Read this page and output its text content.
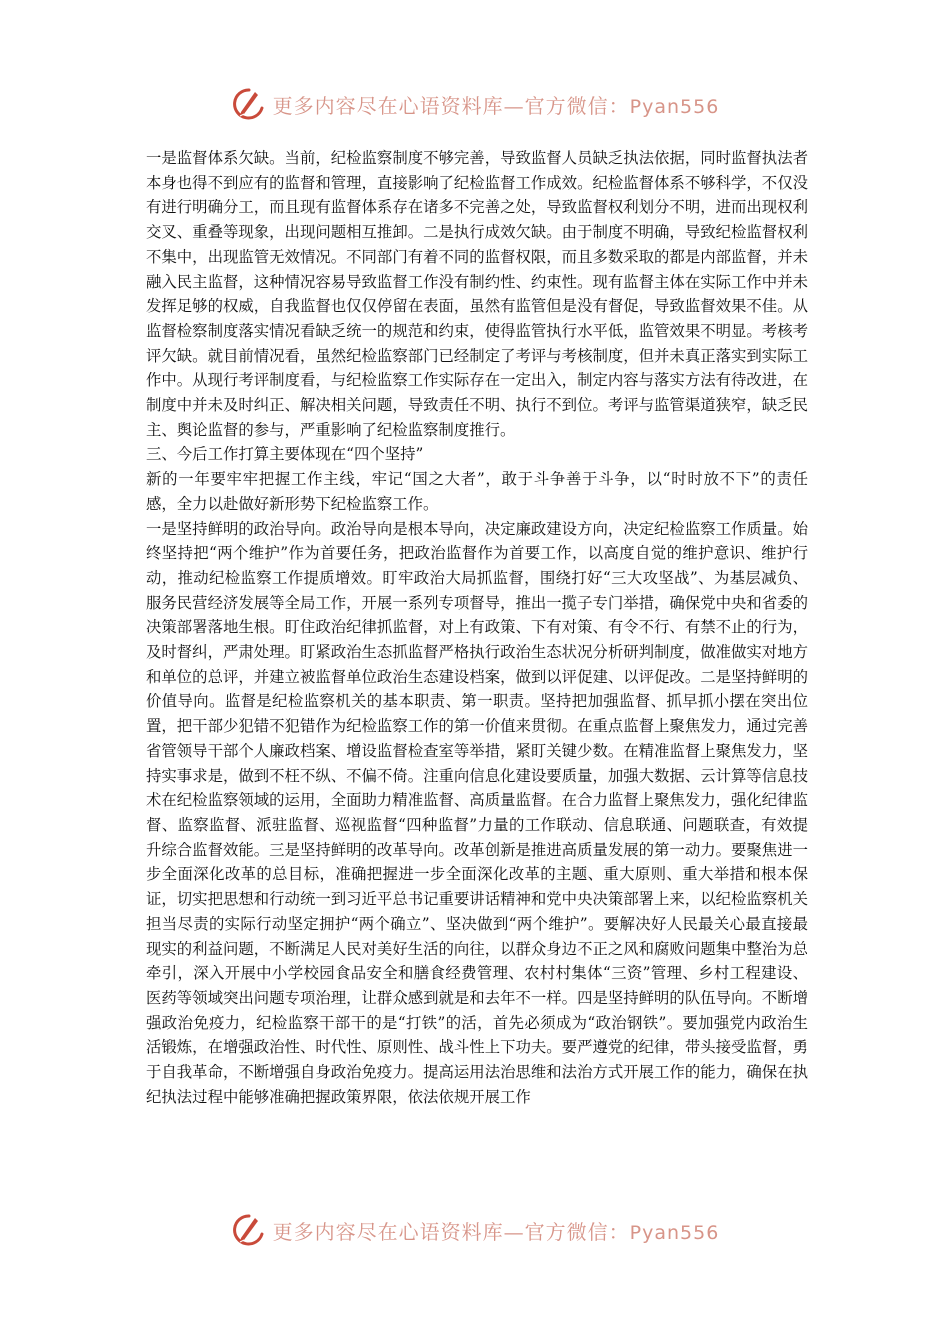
更多内容尽在心语资料库—官方微信：Pyan556

一是监督体系欠缺。当前，纪检监察制度不够完善，导致监督人员缺乏执法依据，同时监督执法者本身也得不到应有的监督和管理，直接影响了纪检监督工作成效。纪检监督体系不够科学，不仅没有进行明确分工，而且现有监督体系存在诸多不完善之处，导致监督权利划分不明，进而出现权利交叉、重叠等现象，出现问题相互推卸。二是执行成效欠缺。由于制度不明确，导致纪检监督权利不集中，出现监管无效情况。不同部门有着不同的监督权限，而且多数采取的都是内部监督，并未融入民主监督，这种情况容易导致监督工作没有制约性、约束性。现有监督主体在实际工作中并未发挥足够的权威，自我监督也仅仅停留在表面，虽然有监管但是没有督促，导致监督效果不佳。从监督检察制度落实情况看缺乏统一的规范和约束，使得监管执行水平低，监管效果不明显。考核考评欠缺。就目前情况看，虽然纪检监察部门已经制定了考评与考核制度，但并未真正落实到实际工作中。从现行考评制度看，与纪检监察工作实际存在一定出入，制定内容与落实方法有待改进，在制度中并未及时纠正、解决相关问题，导致责任不明、执行不到位。考评与监管渠道狭窄，缺乏民主、舆论监督的参与，严重影响了纪检监察制度推行。

三、今后工作打算主要体现在“四个坚持”

新的一年要牢牢把握工作主线，牢记“国之大者”，敢于斗争善于斗争，以“时时放不下”的责任感，全力以赴做好新形势下纪检监察工作。

一是坚持鲜明的政治导向。政治导向是根本导向，决定廉政建设方向，决定纪检监察工作质量。始终坚持把“两个维护”作为首要任务，把政治监督作为首要工作，以高度自觉的维护意识、维护行动，推动纪检监察工作提质增效。盯牢政治大局抓监督，围绕打好“三大攻坚战”、为基层减负、服务民营经济发展等全局工作，开展一系列专项督导，推出一揽子专门举措，确保党中央和省委的决策部署落地生根。盯住政治纪律抓监督，对上有政策、下有对策、有令不行、有禁不止的行为，及时督纠，严肃处理。盯紧政治生态抓监督严格执行政治生态状况分析研判制度，做准做实对地方和单位的总评，并建立被监督单位政治生态建设档案，做到以评促建、以评促改。二是坚持鲜明的价值导向。监督是纪检监察机关的基本职责、第一职责。坚持把加强监督、抓早抓小摆在突出位置，把干部少犯错不犯错作为纪检监察工作的第一价值来贯彻。在重点监督上聚焦发力，通过完善省管领导干部个人廉政档案、增设监督检查室等举措，紧盯关键少数。在精准监督上聚焦发力，坚持实事求是，做到不枉不纵、不偏不倚。注重向信息化建设要质量，加强大数据、云计算等信息技术在纪检监察领域的运用，全面助力精准监督、高质量监督。在合力监督上聚焦发力，强化纪律监督、监察监督、派驻监督、巡视监督“四种监督”力量的工作联动、信息联通、问题联查，有效提升综合监督效能。三是坚持鲜明的改革导向。改革创新是推进高质量发展的第一动力。要聚焦进一步全面深化改革的总目标，准确把握进一步全面深化改革的主题、重大原则、重大举措和根本保证，切实把思想和行动统一到习近平总书记重要讲话精神和党中央决策部署上来，以纪检监察机关担当尽责的实际行动坚定拥护“两个确立”、坚决做到“两个维护”。要解决好人民最关心最直接最现实的利益问题，不断满足人民对美好生活的向往，以群众身边不正之风和腐败问题集中整治为总牵引，深入开展中小学校园食品安全和膳食经费管理、农村村集体“三资”管理、乡村工程建设、医药等领域突出问题专项治理，让群众感到就是和去年不一样。四是坚持鲜明的队伍导向。不断增强政治免疫力，纪检监察干部干的是“打铁”的活，首先必须成为“政治钢铁”。要加强党内政治生活锻炼，在增强政治性、时代性、原则性、战斗性上下功夫。要严遵党的纪律，带头接受监督，勇于自我革命，不断增强自身政治免疫力。提高运用法治思维和法治方式开展工作的能力，确保在执纪执法过程中能够准确把握政策界限，依法依规开展工作

更多内容尽在心语资料库—官方微信：Pyan556
